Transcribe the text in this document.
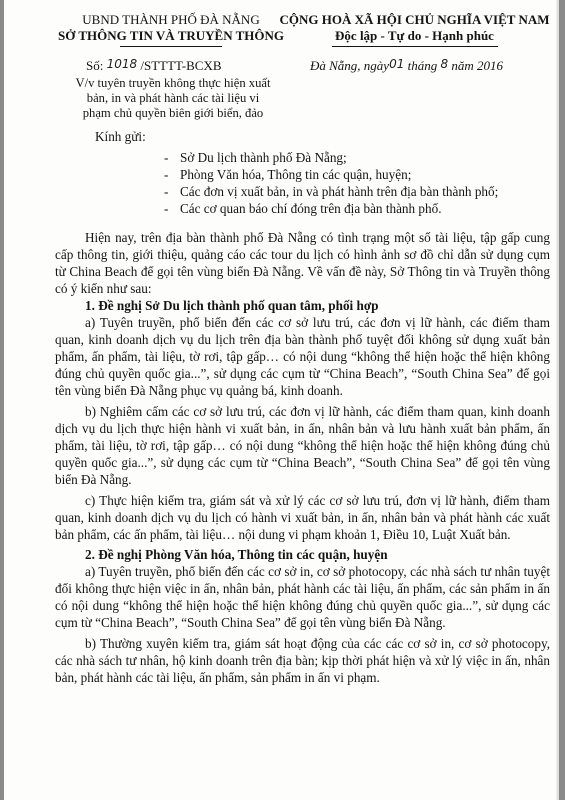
UBND THÀNH PHỐ ĐÀ NẴNG
SỞ THÔNG TIN VÀ TRUYỀN THÔNG
CỘNG HOÀ XÃ HỘI CHỦ NGHĨA VIỆT NAM
Độc lập - Tự do - Hạnh phúc
Số: 1018 /STTTT-BCXB	Đà Nẵng, ngày01 tháng 8 năm 2016
V/v tuyên truyền không thực hiện xuất
bản, in và phát hành các tài liệu vi
phạm chủ quyền biên giới biển, đảo
Kính gửi:
- Sở Du lịch thành phố Đà Nẵng;
- Phòng Văn hóa, Thông tin các quận, huyện;
- Các đơn vị xuất bản, in và phát hành trên địa bàn thành phố;
- Các cơ quan báo chí đóng trên địa bàn thành phố.

Hiện nay, trên địa bàn thành phố Đà Nẵng có tình trạng một số tài liệu, tập gấp cung cấp thông tin, giới thiệu, quảng cáo các tour du lịch có hình ảnh sơ đồ chỉ dẫn sử dụng cụm từ China Beach để gọi tên vùng biển Đà Nẵng. Về vấn đề này, Sở Thông tin và Truyền thông có ý kiến như sau:

1. Đề nghị Sở Du lịch thành phố quan tâm, phối hợp

a) Tuyên truyền, phổ biến đến các cơ sở lưu trú, các đơn vị lữ hành, các điểm tham quan, kinh doanh dịch vụ du lịch trên địa bàn thành phố tuyệt đối không sử dụng xuất bản phẩm, ấn phẩm, tài liệu, tờ rơi, tập gấp… có nội dung “không thể hiện hoặc thể hiện không đúng chủ quyền quốc gia...”, sử dụng các cụm từ “China Beach”, “South China Sea” để gọi tên vùng biển Đà Nẵng phục vụ quảng bá, kinh doanh.

b) Nghiêm cấm các cơ sở lưu trú, các đơn vị lữ hành, các điểm tham quan, kinh doanh dịch vụ du lịch thực hiện hành vi xuất bản, in ấn, nhân bản và lưu hành xuất bản phẩm, ấn phẩm, tài liệu, tờ rơi, tập gấp… có nội dung “không thể hiện hoặc thể hiện không đúng chủ quyền quốc gia...”, sử dụng các cụm từ “China Beach”, “South China Sea” để gọi tên vùng biển Đà Nẵng.

c) Thực hiện kiểm tra, giám sát và xử lý các cơ sở lưu trú, đơn vị lữ hành, điểm tham quan, kinh doanh dịch vụ du lịch có hành vi xuất bản, in ấn, nhân bản và phát hành các xuất bản phẩm, các ấn phẩm, tài liệu… nội dung vi phạm khoản 1, Điều 10, Luật Xuất bản.

2. Đề nghị Phòng Văn hóa, Thông tin các quận, huyện

a) Tuyên truyền, phổ biến đến các cơ sở in, cơ sở photocopy, các nhà sách tư nhân tuyệt đối không thực hiện việc in ấn, nhân bản, phát hành các tài liệu, ấn phẩm, các sản phẩm in ấn có nội dung “không thể hiện hoặc thể hiện không đúng chủ quyền quốc gia...”, sử dụng các cụm từ “China Beach”, “South China Sea” để gọi tên vùng biển Đà Nẵng.

b) Thường xuyên kiểm tra, giám sát hoạt động của các các cơ sở in, cơ sở photocopy, các nhà sách tư nhân, hộ kinh doanh trên địa bàn; kịp thời phát hiện và xử lý việc in ấn, nhân bản, phát hành các tài liệu, ấn phẩm, sản phẩm in ấn vi phạm.
